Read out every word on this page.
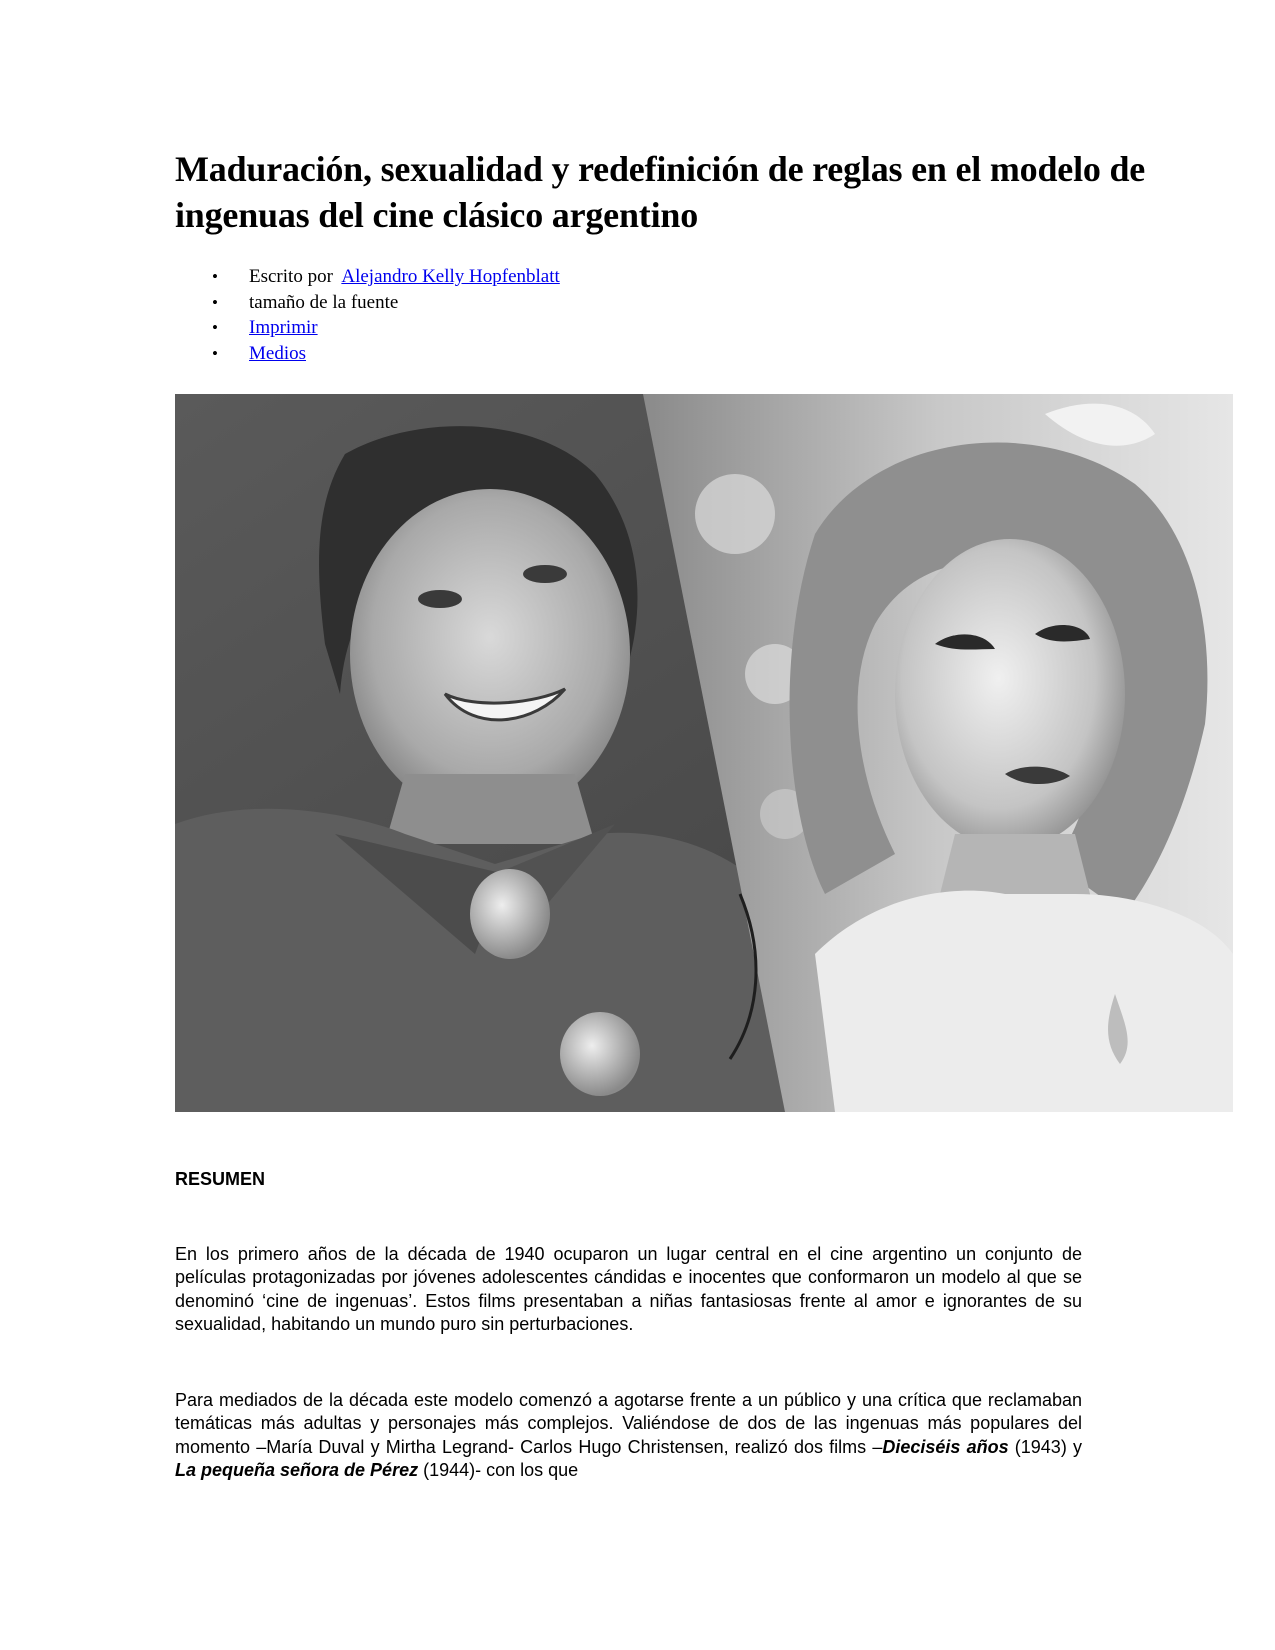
Maduración, sexualidad y redefinición de reglas en el modelo de ingenuas del cine clásico argentino
• Escrito por Alejandro Kelly Hopfenblatt
• tamaño de la fuente
• Imprimir
• Medios
RESUMEN

En los primero años de la década de 1940 ocuparon un lugar central en el cine argentino un conjunto de películas protagonizadas por jóvenes adolescentes cándidas e inocentes que conformaron un modelo al que se denominó ‘cine de ingenuas’. Estos films presentaban a niñas fantasiosas frente al amor e ignorantes de su sexualidad, habitando un mundo puro sin perturbaciones.

Para mediados de la década este modelo comenzó a agotarse frente a un público y una crítica que reclamaban temáticas más adultas y personajes más complejos. Valiéndose de dos de las ingenuas más populares del momento –María Duval y Mirtha Legrand- Carlos Hugo Christensen, realizó dos films –Dieciséis años (1943) y La pequeña señora de Pérez (1944)- con los que
